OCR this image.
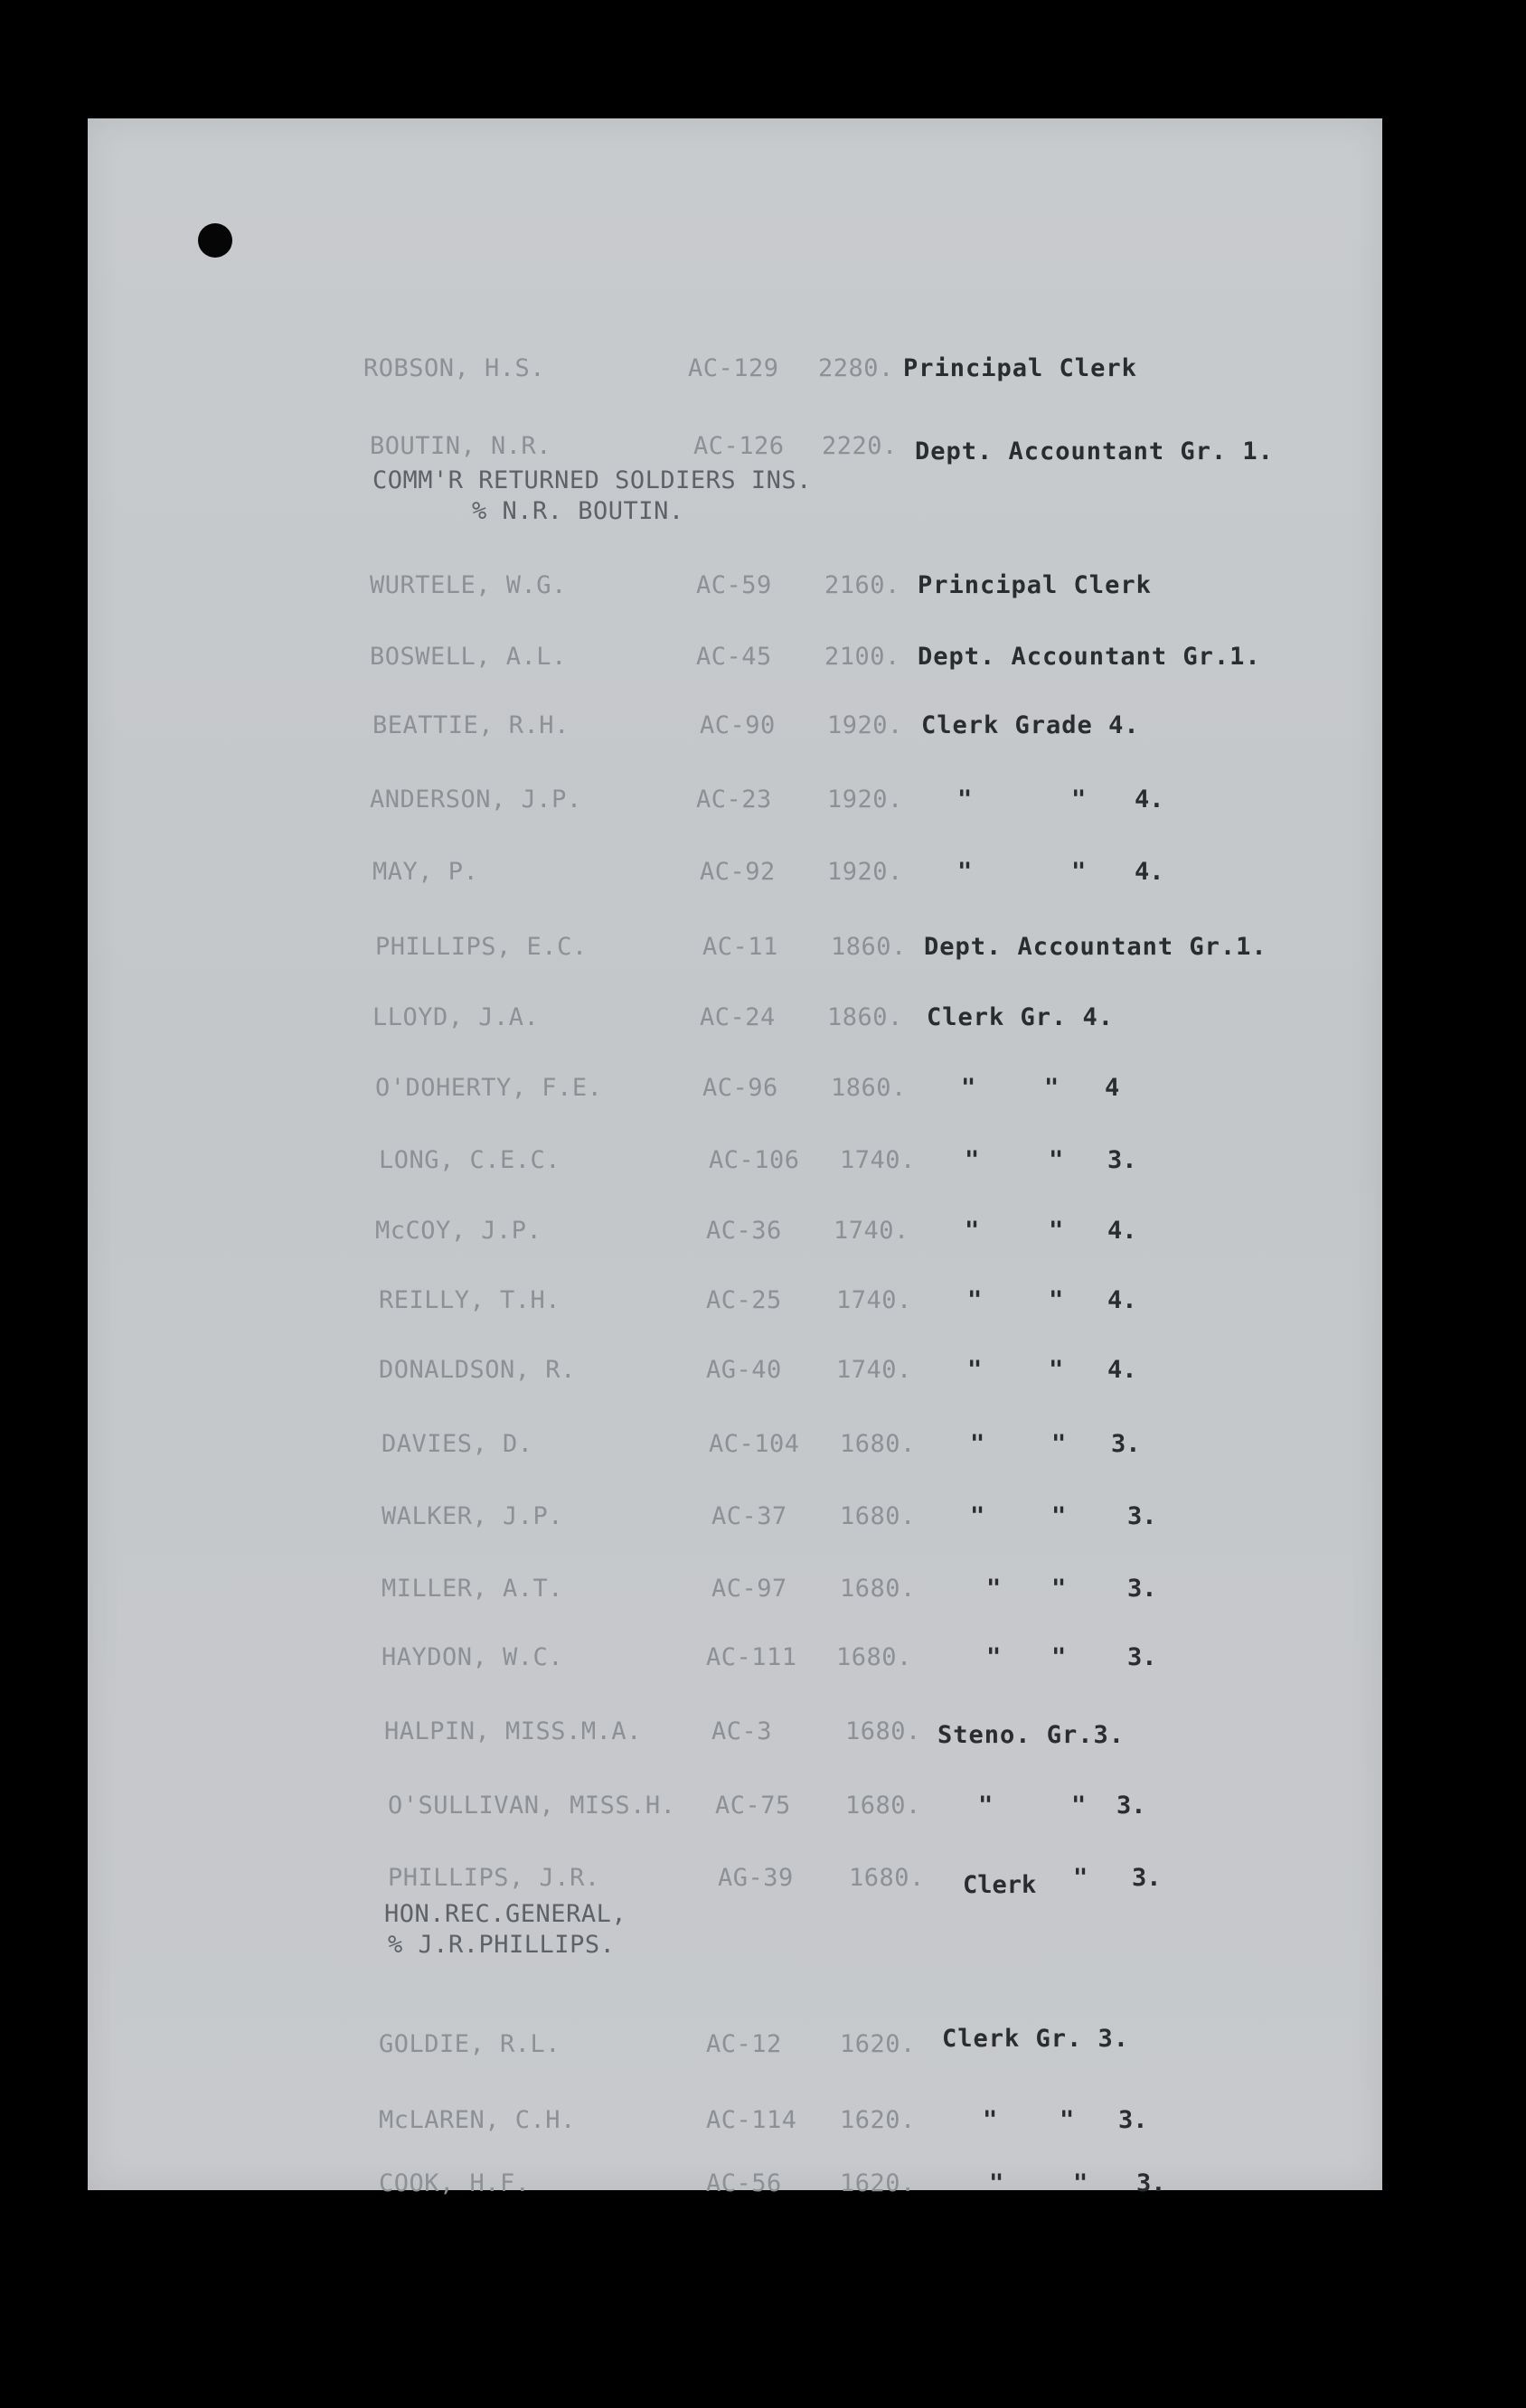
ROBSON, H.S.	AC-129 2280. Principal Clerk
BOUTIN, N.R.	AC-126 2220. Dept. Accountant Gr. 1.
COMM'R RETURNED SOLDIERS INS.
% N.R. BOUTIN.
WURTELE, W.G.	AC-59 2160. Principal Clerk
BOSWELL, A.L.	AC-45 2100. Dept. Accountant Gr.1.
BEATTIE, R.H.	AC-90 1920. Clerk Grade 4.
ANDERSON, J.P.	AC-23 1920. "	" 4.
MAY, P.	AC-92 1920. "	" 4.
PHILLIPS, E.C.	AC-11 1860. Dept. Accountant Gr.1.
LLOYD, J.A.	AC-24 1860. Clerk Gr. 4.
O'DOHERTY, F.E.	AC-96 1860. "	" 4
LONG, C.E.C.	AC-106 1740. "	" 3.
McCOY, J.P.	AC-36 1740. "	" 4.
REILLY, T.H.	AC-25 1740. "	" 4.
DONALDSON, R.	AG-40 1740. "	" 4.
DAVIES, D.	AC-104 1680. "	" 3.
WALKER, J.P.	AC-37 1680. "	"	3.
MILLER, A.T.	AC-97 1680.	" "	3.
HAYDON, W.C.	AC-111 1680.	" "	3.
HALPIN, MISS.M.A.	AC-3	1680. Steno. Gr.3.
O'SULLIVAN, MISS.H. AC-75 1680. "	" 3.
PHILLIPS, J.R.	AG-39 1680. Clerk " 3.
HON.REC.GENERAL,
% J.R.PHILLIPS.
GOLDIE, R.L.	AC-12 1620. Clerk Gr. 3.
McLAREN, C.H.	AC-114 1620.	"	" 3.
COOK, H.F.	AC-56 1620.	"	" 3.
